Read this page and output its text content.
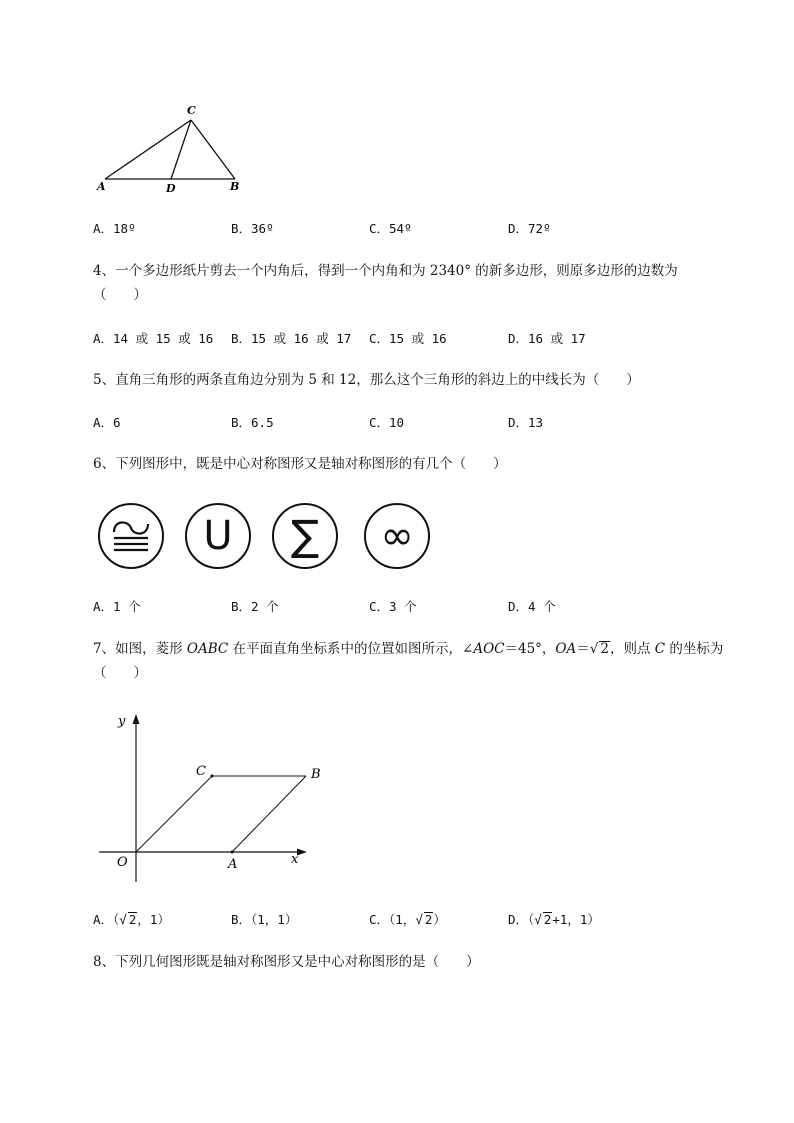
C
A	D	B
A．18º	B．36º	C．54º	D．72º
4、一个多边形纸片剪去一个内角后，得到一个内角和为 2340° 的新多边形，则原多边形的边数为
（　　）
A．14 或 15 或 16 B．15 或 16 或 17 C．15 或 16	D．16 或 17
5、直角三角形的两条直角边分别为 5 和 12，那么这个三角形的斜边上的中线长为（　　）
A．6	B．6.5	C．10	D．13
6、下列图形中，既是中心对称图形又是轴对称图形的有几个（　　）
U ∑ ∞
A．1 个	B．2 个	C．3 个	D．4 个
7、如图，菱形 OABC 在平面直角坐标系中的位置如图所示，∠AOC＝45°，OA＝√ 2，则点 C 的坐标为
（　　）
y
x
O	A
C	B
A．（√ 2，1）	B．（1，1）	C．（1，√ 2）	D．（√ 2+1，1）
8、下列几何图形既是轴对称图形又是中心对称图形的是（　　）
